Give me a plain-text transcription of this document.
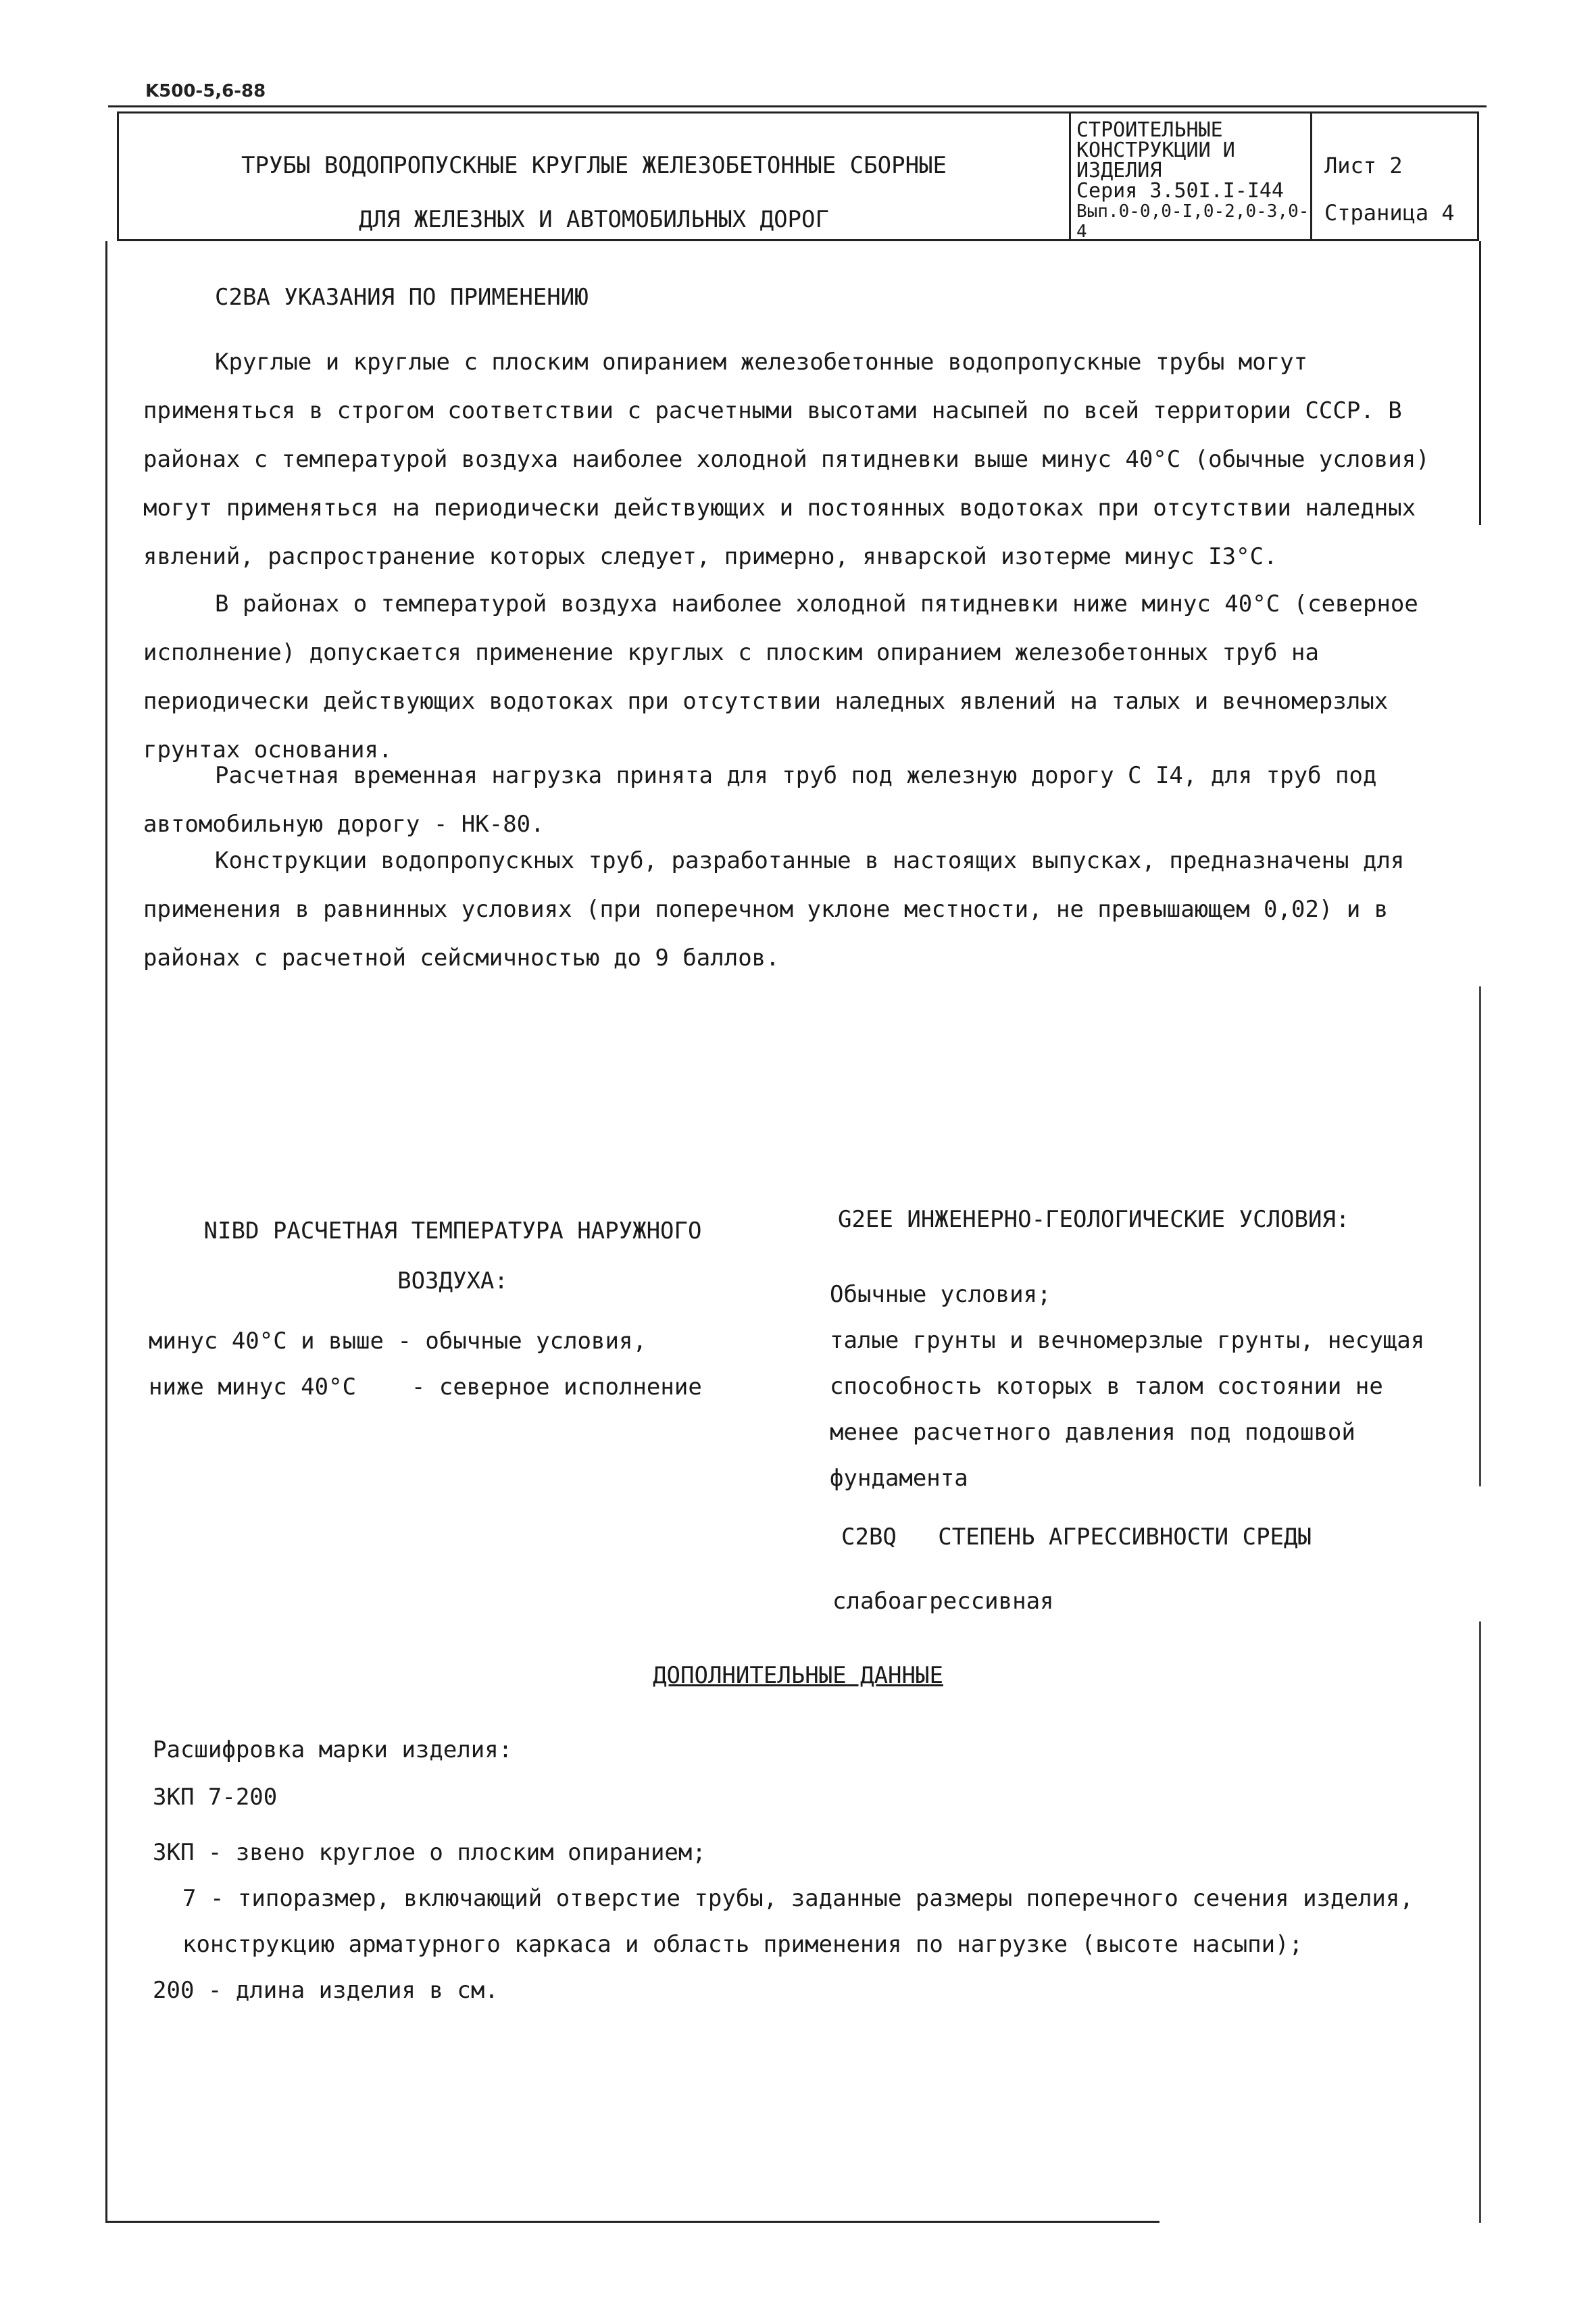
K500-5,6-88
ТРУБЫ ВОДОПРОПУСКНЫЕ КРУГЛЫЕ ЖЕЛЕЗОБЕТОННЫЕ СБОРНЫЕ
ДЛЯ ЖЕЛЕЗНЫХ И АВТОМОБИЛЬНЫХ ДОРОГ
СТРОИТЕЛЬНЫЕ
КОНСТРУКЦИИ И
ИЗДЕЛИЯ
Серия 3.50I.I-I44
Вып.0-0,0-I,0-2,0-3,0-4
Лист 2
Страница 4
C2BA УКАЗАНИЯ ПО ПРИМЕНЕНИЮ
Круглые и круглые с плоским опиранием железобетонные водопропускные трубы могут применяться в строгом соответствии с расчетными высотами насыпей по всей территории СССР. В районах с температурой воздуха наиболее холодной пятидневки выше минус 40°C (обычные условия) могут применяться на периодически действующих и постоянных водотоках при отсутствии наледных явлений, распространение которых следует, примерно, январской изотерме минус I3°C.
В районах о температурой воздуха наиболее холодной пятидневки ниже минус 40°C (северное исполнение) допускается применение круглых с плоским опиранием железобетонных труб на периодически действующих водотоках при отсутствии наледных явлений на талых и вечномерзлых грунтах основания.
Расчетная временная нагрузка принята для труб под железную дорогу С I4, для труб под автомобильную дорогу - НК-80.
Конструкции водопропускных труб, разработанные в настоящих выпусках, предназначены для применения в равнинных условиях (при поперечном уклоне местности, не превышающем 0,02) и в районах с расчетной сейсмичностью до 9 баллов.
NIBD РАСЧЕТНАЯ ТЕМПЕРАТУРА НАРУЖНОГО
ВОЗДУХА:
минус 40°C и выше - обычные условия,
ниже минус 40°C    - северное исполнение
G2EE ИНЖЕНЕРНО-ГЕОЛОГИЧЕСКИЕ УСЛОВИЯ:
Обычные условия;
талые грунты и вечномерзлые грунты, несущая способность которых в талом состоянии не менее расчетного давления под подошвой фундамента
C2BQ   СТЕПЕНЬ АГРЕССИВНОСТИ СРЕДЫ
слабоагрессивная
ДОПОЛНИТЕЛЬНЫЕ ДАННЫЕ
Расшифровка марки изделия:
ЗКП 7-200
ЗКП - звено круглое о плоским опиранием;
7 - типоразмер, включающий отверстие трубы, заданные размеры поперечного сечения изделия, конструкцию арматурного каркаса и область применения по нагрузке (высоте насыпи);
200 - длина изделия в см.
